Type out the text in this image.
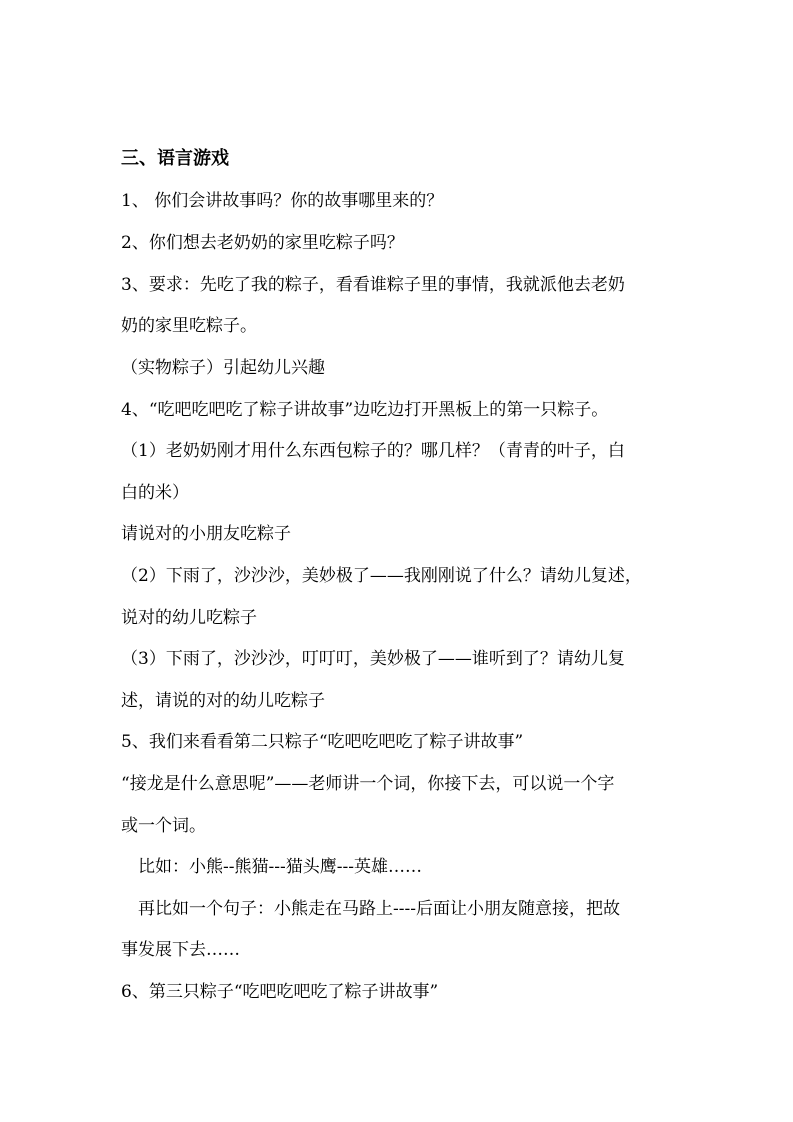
三、语言游戏
1、 你们会讲故事吗？你的故事哪里来的？
2、你们想去老奶奶的家里吃粽子吗？
3、要求：先吃了我的粽子，看看谁粽子里的事情，我就派他去老奶
奶的家里吃粽子。
（实物粽子）引起幼儿兴趣
4、“吃吧吃吧吃了粽子讲故事”边吃边打开黑板上的第一只粽子。
（1）老奶奶刚才用什么东西包粽子的？哪几样？（青青的叶子，白
白的米）
请说对的小朋友吃粽子
（2）下雨了，沙沙沙，美妙极了——我刚刚说了什么？请幼儿复述，
说对的幼儿吃粽子
（3）下雨了，沙沙沙，叮叮叮，美妙极了——谁听到了？请幼儿复
述，请说的对的幼儿吃粽子
5、我们来看看第二只粽子“吃吧吃吧吃了粽子讲故事”
“接龙是什么意思呢”——老师讲一个词，你接下去，可以说一个字
或一个词。
比如：小熊--熊猫---猫头鹰---英雄……
再比如一个句子：小熊走在马路上----后面让小朋友随意接，把故
事发展下去……
6、第三只粽子“吃吧吃吧吃了粽子讲故事”
